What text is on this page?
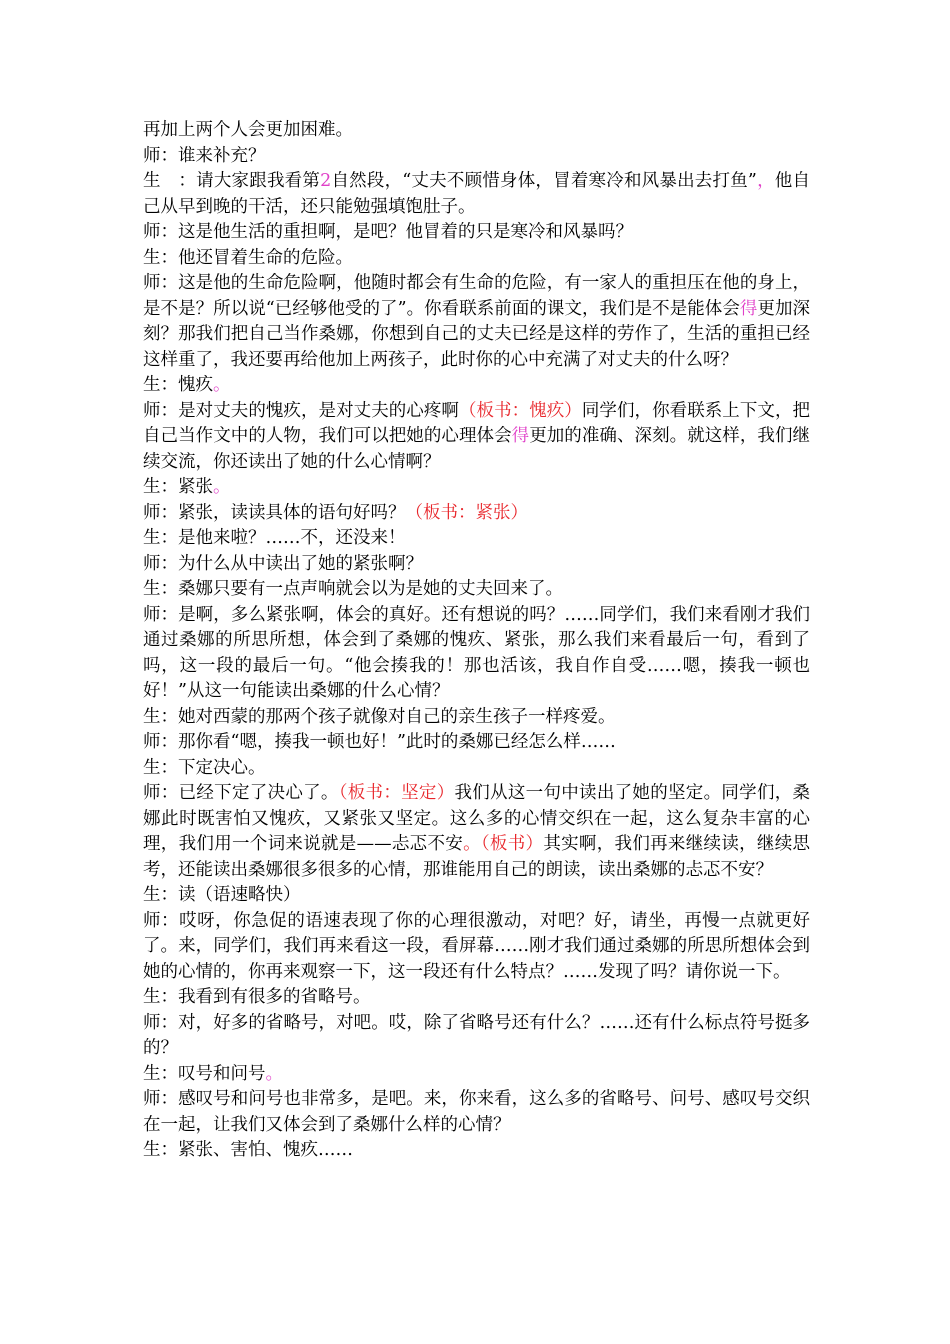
再加上两个人会更加困难。

师：谁来补充？

生　：请大家跟我看第2自然段，“丈夫不顾惜身体，冒着寒冷和风暴出去打鱼”，他自己从早到晚的干活，还只能勉强填饱肚子。

师：这是他生活的重担啊，是吧？他冒着的只是寒冷和风暴吗？

生：他还冒着生命的危险。

师：这是他的生命危险啊，他随时都会有生命的危险，有一家人的重担压在他的身上，是不是？所以说“已经够他受的了”。你看联系前面的课文，我们是不是能体会得更加深刻？那我们把自己当作桑娜，你想到自己的丈夫已经是这样的劳作了，生活的重担已经这样重了，我还要再给他加上两孩子，此时你的心中充满了对丈夫的什么呀？

生：愧疚。

师：是对丈夫的愧疚，是对丈夫的心疼啊（板书：愧疚）同学们，你看联系上下文，把自己当作文中的人物，我们可以把她的心理体会得更加的准确、深刻。就这样，我们继续交流，你还读出了她的什么心情啊？

生：紧张。

师：紧张，读读具体的语句好吗？（板书：紧张）

生：是他来啦？……不，还没来！

师：为什么从中读出了她的紧张啊？

生：桑娜只要有一点声响就会以为是她的丈夫回来了。

师：是啊，多么紧张啊，体会的真好。还有想说的吗？……同学们，我们来看刚才我们通过桑娜的所思所想，体会到了桑娜的愧疚、紧张，那么我们来看最后一句，看到了吗，这一段的最后一句。“他会揍我的！那也活该，我自作自受……嗯，揍我一顿也好！”从这一句能读出桑娜的什么心情？

生：她对西蒙的那两个孩子就像对自己的亲生孩子一样疼爱。

师：那你看“嗯，揍我一顿也好！”此时的桑娜已经怎么样……

生：下定决心。

师：已经下定了决心了。（板书：坚定）我们从这一句中读出了她的坚定。同学们，桑娜此时既害怕又愧疚，又紧张又坚定。这么多的心情交织在一起，这么复杂丰富的心理，我们用一个词来说就是——忐忑不安。（板书）其实啊，我们再来继续读，继续思考，还能读出桑娜很多很多的心情，那谁能用自己的朗读，读出桑娜的忐忑不安？

生：读（语速略快）

师：哎呀，你急促的语速表现了你的心理很激动，对吧？好，请坐，再慢一点就更好了。来，同学们，我们再来看这一段，看屏幕……刚才我们通过桑娜的所思所想体会到她的心情的，你再来观察一下，这一段还有什么特点？……发现了吗？请你说一下。

生：我看到有很多的省略号。

师：对，好多的省略号，对吧。哎，除了省略号还有什么？……还有什么标点符号挺多的？

生：叹号和问号。

师：感叹号和问号也非常多，是吧。来，你来看，这么多的省略号、问号、感叹号交织在一起，让我们又体会到了桑娜什么样的心情？

生：紧张、害怕、愧疚……
